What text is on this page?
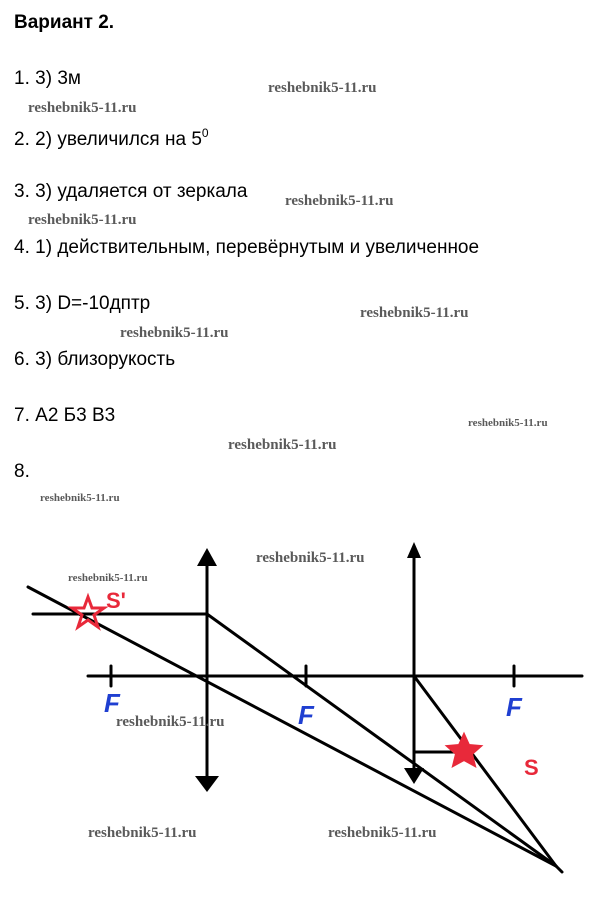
Вариант 2.
1. 3) 3м
2. 2) увеличился на $5^0$
3. 3) удаляется от зеркала
4. 1) действительным, перевёрнутым и увеличенное
5. 3) D=-10дптр
6. 3) близорукость
7. А2 Б3 В3
8.
reshebnik5-11.ru
reshebnik5-11.ru
reshebnik5-11.ru
reshebnik5-11.ru
reshebnik5-11.ru
reshebnik5-11.ru
reshebnik5-11.ru
reshebnik5-11.ru
reshebnik5-11.ru
S'
S
F	F	F
reshebnik5-11.ru
reshebnik5-11.ru
reshebnik5-11.ru
reshebnik5-11.ru	reshebnik5-11.ru
